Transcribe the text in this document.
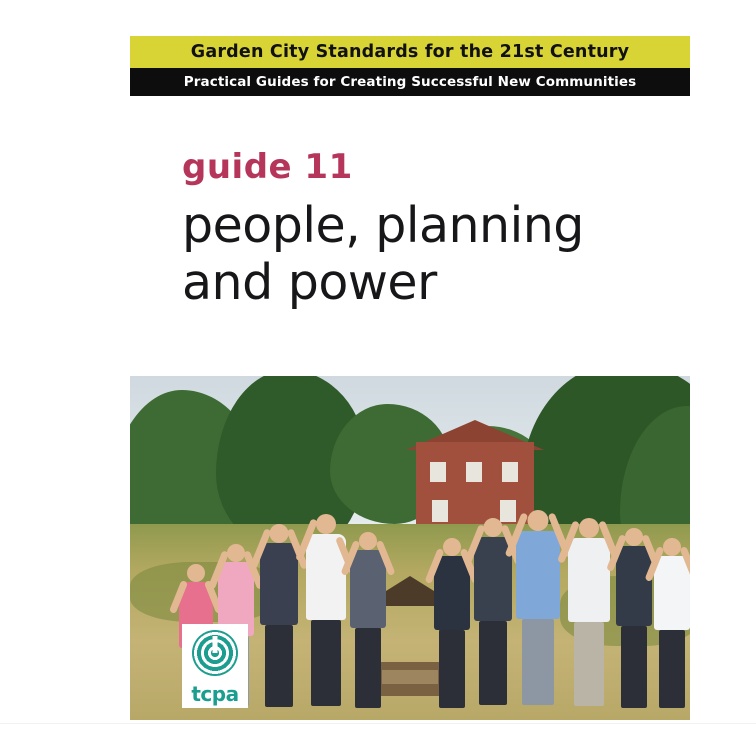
Garden City Standards for the 21st Century
Practical Guides for Creating Successful New Communities
guide 11
people, planning
and power
tcpa
